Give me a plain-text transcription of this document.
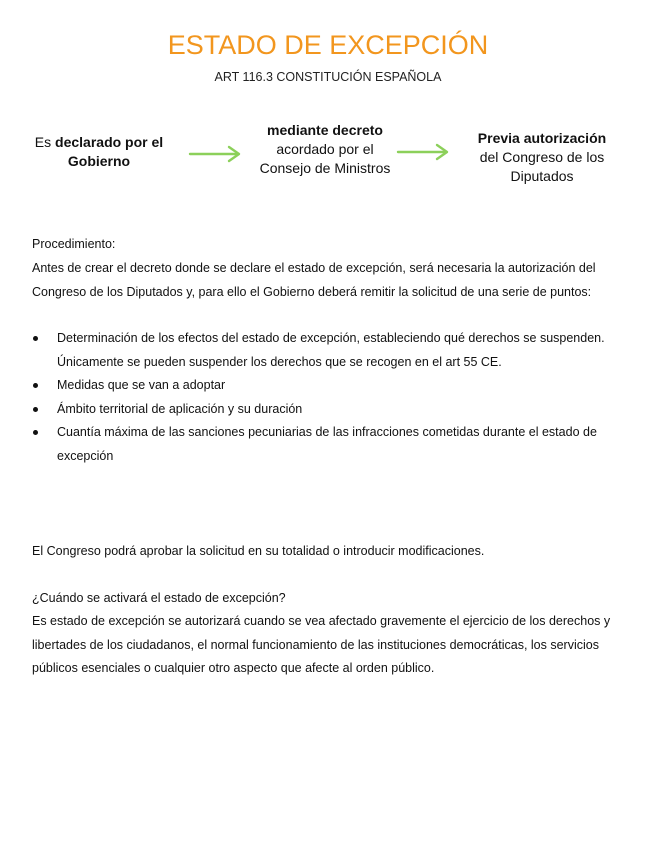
ESTADO DE EXCEPCIÓN
ART 116.3 CONSTITUCIÓN ESPAÑOLA
Es declarado por el Gobierno
mediante decreto
acordado por el Consejo de Ministros
Previa autorización
del Congreso de los Diputados
Procedimiento:
Antes de crear el decreto donde se declare el estado de excepción, será necesaria la autorización del Congreso de los Diputados y, para ello el Gobierno deberá remitir la solicitud de una serie de puntos:
Determinación de los efectos del estado de excepción, estableciendo qué derechos se suspenden. Únicamente se pueden suspender los derechos que se recogen en el art 55 CE.
Medidas que se van a adoptar
Ámbito territorial de aplicación y su duración
Cuantía máxima de las sanciones pecuniarias de las infracciones cometidas durante el estado de excepción
El Congreso podrá aprobar la solicitud en su totalidad o introducir modificaciones.
¿Cuándo se activará el estado de excepción?
Es estado de excepción se autorizará cuando se vea afectado gravemente el ejercicio de los derechos y libertades de los ciudadanos, el normal funcionamiento de las instituciones democráticas, los servicios públicos esenciales o cualquier otro aspecto que afecte al orden público.
